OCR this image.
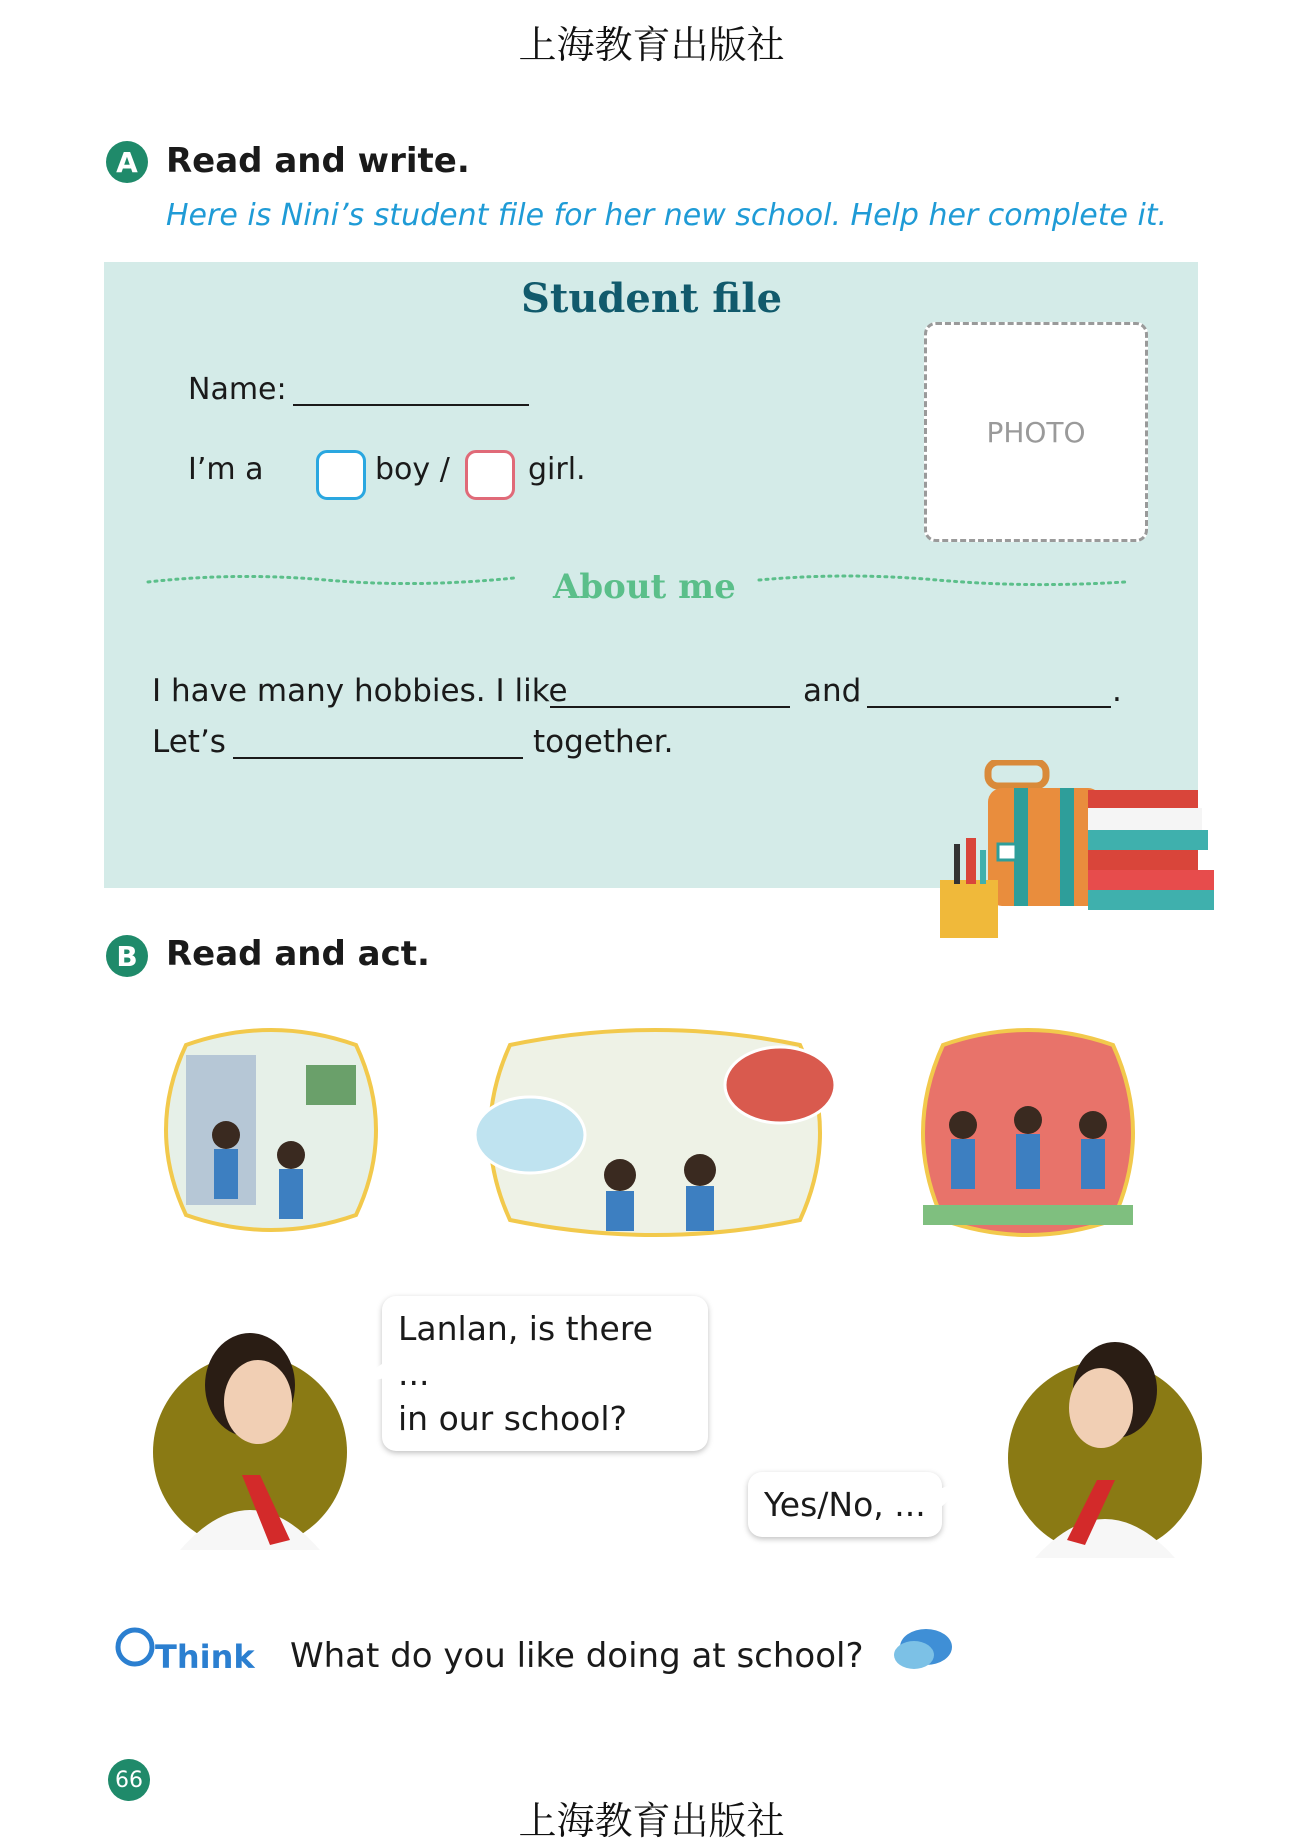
上海教育出版社
A Read and write.
Here is Nini’s student file for her new school. Help her complete it.
Student file
Name:
I’m a	boy /	girl.
PHOTO
About me
I have many hobbies. I like	and	.
Let’s	together.
B Read and act.
Lanlan, is there ...
in our school?
Yes/No, ...
Think What do you like doing at school?
66
上海教育出版社
